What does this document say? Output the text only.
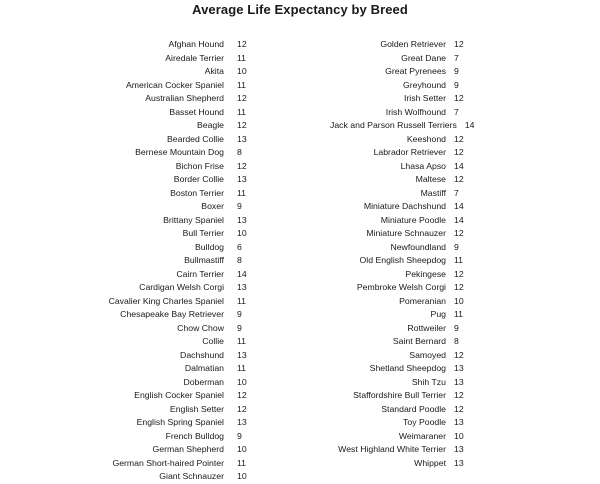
Average Life Expectancy by Breed
Afghan Hound 12
Airedale Terrier 11
Akita 10
American Cocker Spaniel 11
Australian Shepherd 12
Basset Hound 11
Beagle 12
Bearded Collie 13
Bernese Mountain Dog 8
Bichon Frise 12
Border Collie 13
Boston Terrier 11
Boxer 9
Brittany Spaniel 13
Bull Terrier 10
Bulldog 6
Bullmastiff 8
Cairn Terrier 14
Cardigan Welsh Corgi 13
Cavalier King Charles Spaniel 11
Chesapeake Bay Retriever 9
Chow Chow 9
Collie 11
Dachshund 13
Dalmatian 11
Doberman 10
English Cocker Spaniel 12
English Setter 12
English Spring Spaniel 13
French Bulldog 9
German Shepherd 10
German Short-haired Pointer 11
Giant Schnauzer 10
Golden Retriever 12
Great Dane 7
Great Pyrenees 9
Greyhound 9
Irish Setter 12
Irish Wolfhound 7
Jack and Parson Russell Terriers 14
Keeshond 12
Labrador Retriever 12
Lhasa Apso 14
Maltese 12
Mastiff 7
Miniature Dachshund 14
Miniature Poodle 14
Miniature Schnauzer 12
Newfoundland 9
Old English Sheepdog 11
Pekingese 12
Pembroke Welsh Corgi 12
Pomeranian 10
Pug 11
Rottweiler 9
Saint Bernard 8
Samoyed 12
Shetland Sheepdog 13
Shih Tzu 13
Staffordshire Bull Terrier 12
Standard Poodle 12
Toy Poodle 13
Weimaraner 10
West Highland White Terrier 13
Whippet 13
